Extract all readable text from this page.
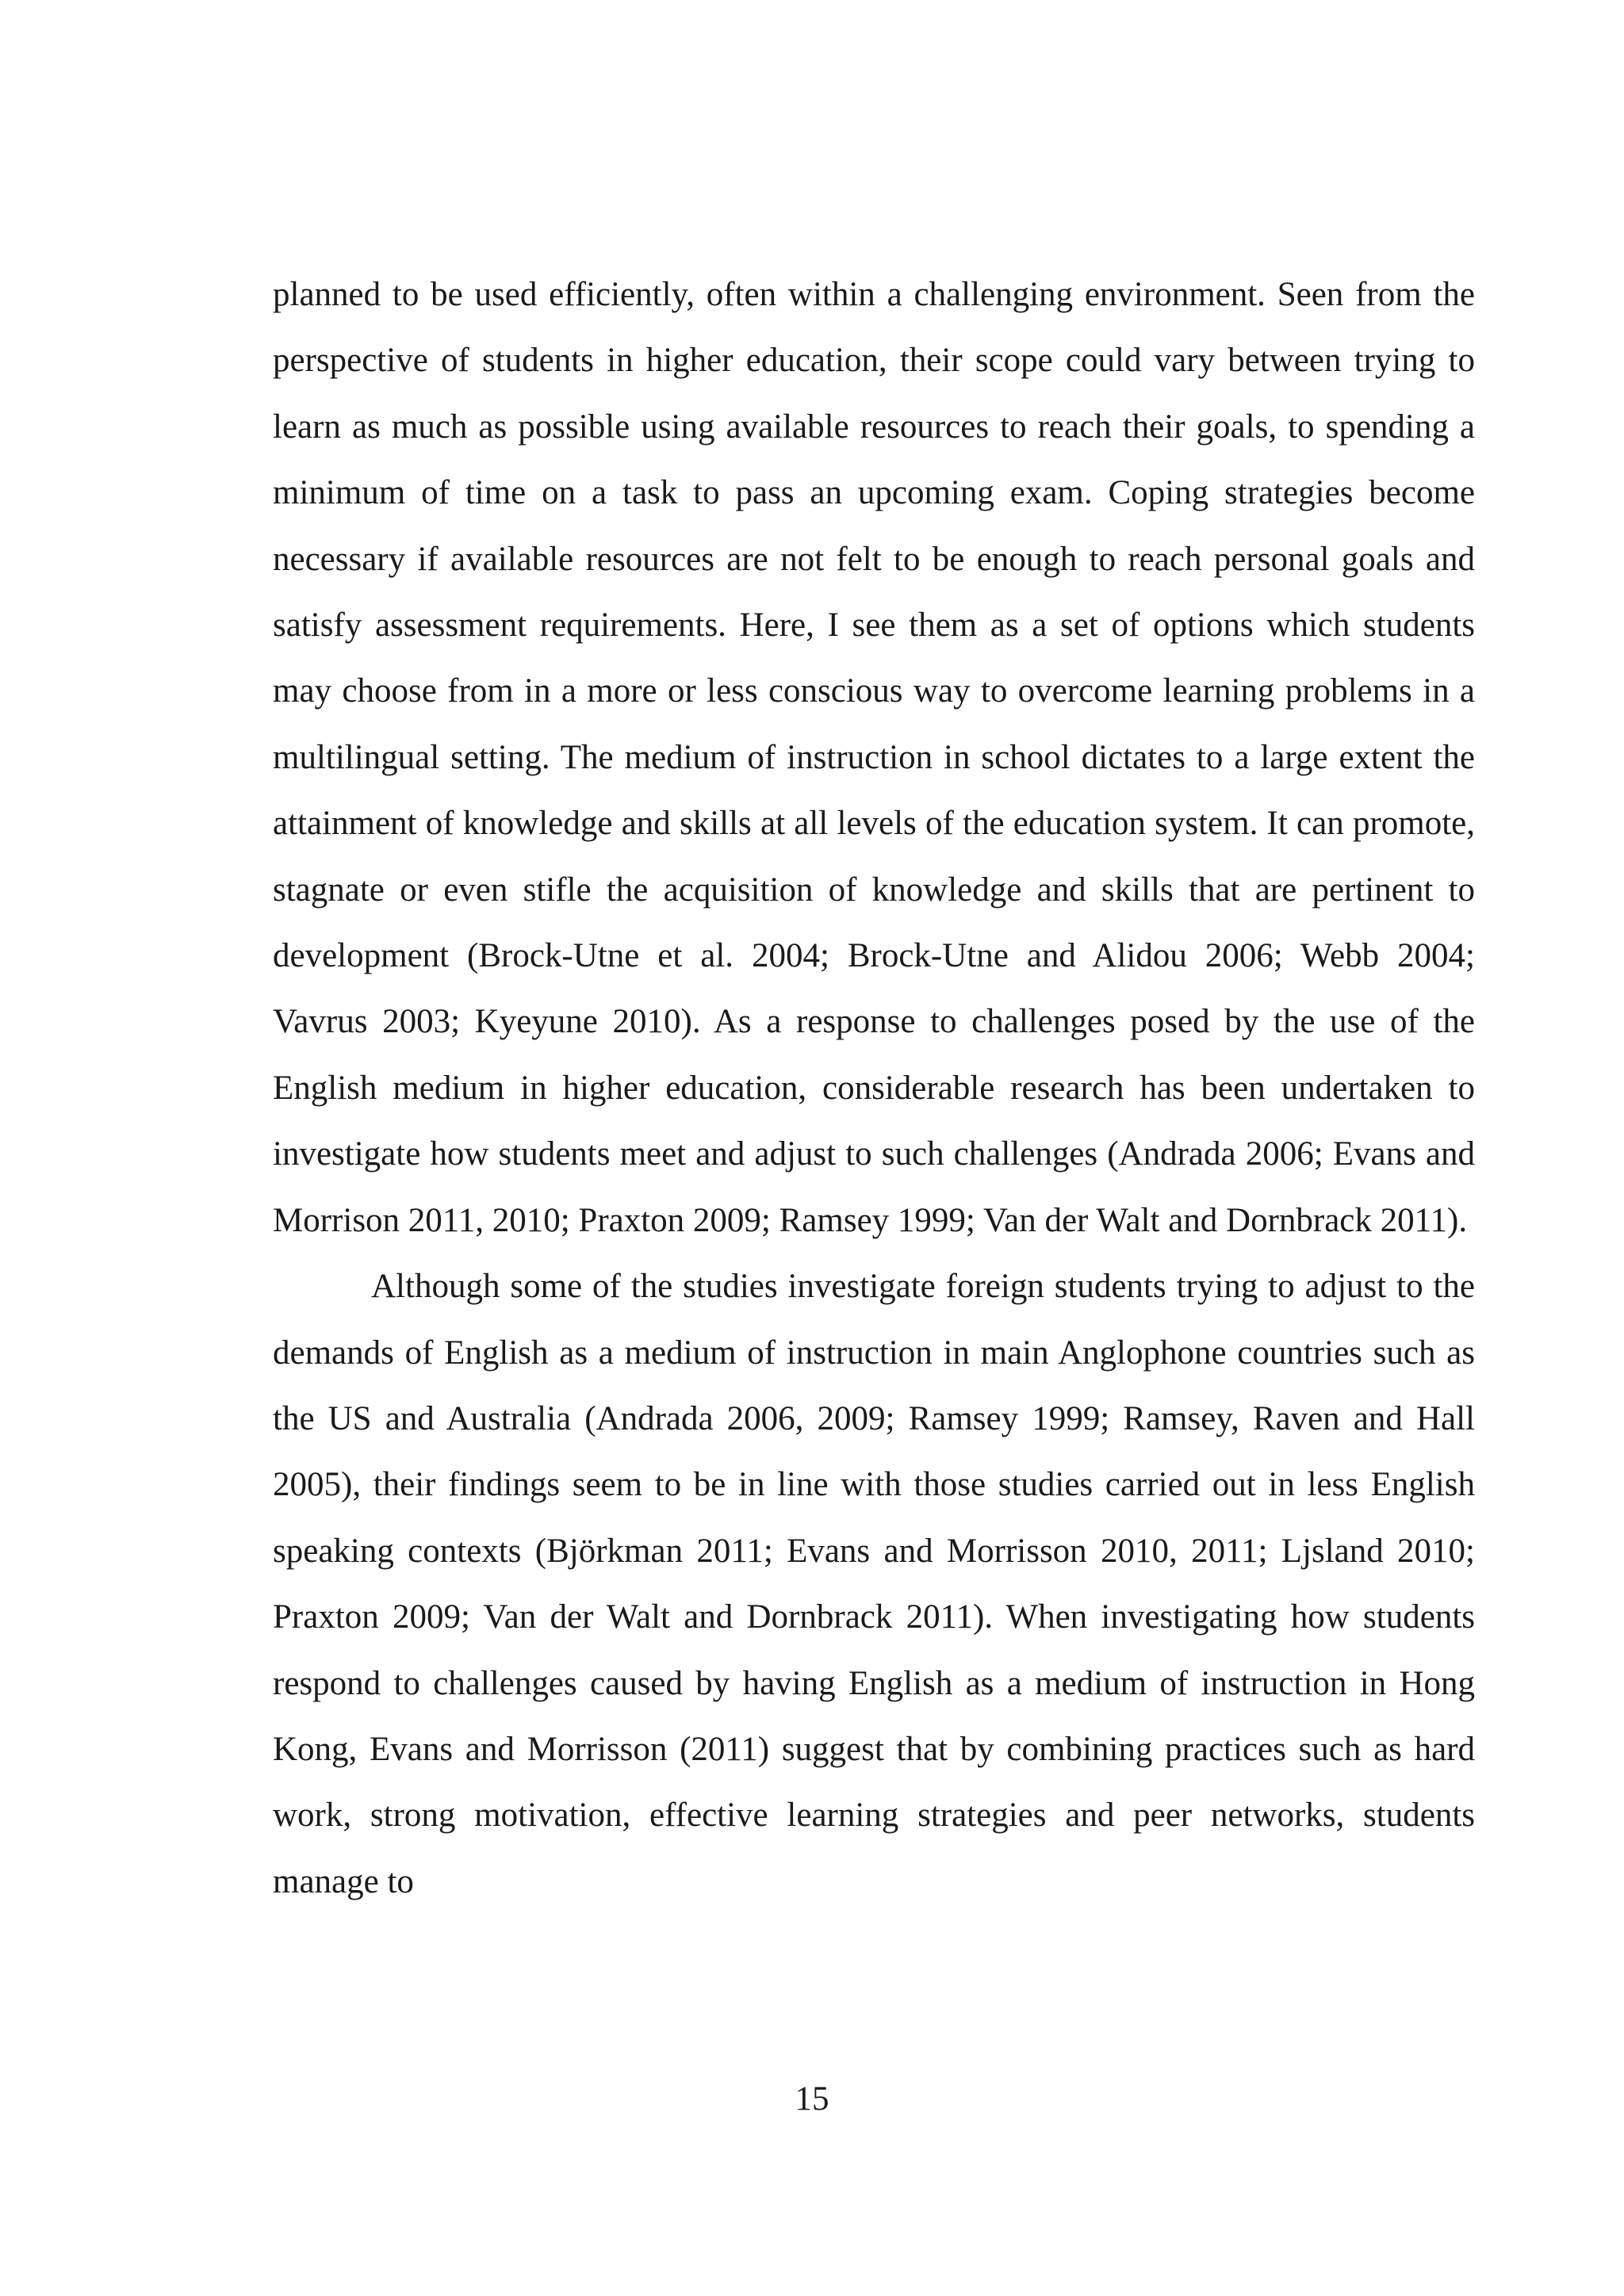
planned to be used efficiently, often within a challenging environment. Seen from the perspective of students in higher education, their scope could vary between trying to learn as much as possible using available resources to reach their goals, to spending a minimum of time on a task to pass an upcoming exam. Coping strategies become necessary if available resources are not felt to be enough to reach personal goals and satisfy assessment requirements. Here, I see them as a set of options which students may choose from in a more or less conscious way to overcome learning problems in a multilingual setting. The medium of instruction in school dictates to a large extent the attainment of knowledge and skills at all levels of the education system. It can promote, stagnate or even stifle the acquisition of knowledge and skills that are pertinent to development (Brock-Utne et al. 2004; Brock-Utne and Alidou 2006; Webb 2004; Vavrus 2003; Kyeyune 2010). As a response to challenges posed by the use of the English medium in higher education, considerable research has been undertaken to investigate how students meet and adjust to such challenges (Andrada 2006; Evans and Morrison 2011, 2010; Praxton 2009; Ramsey 1999; Van der Walt and Dornbrack 2011).

Although some of the studies investigate foreign students trying to adjust to the demands of English as a medium of instruction in main Anglophone countries such as the US and Australia (Andrada 2006, 2009; Ramsey 1999; Ramsey, Raven and Hall 2005), their findings seem to be in line with those studies carried out in less English speaking contexts (Björkman 2011; Evans and Morrisson 2010, 2011; Ljsland 2010; Praxton 2009; Van der Walt and Dornbrack 2011). When investigating how students respond to challenges caused by having English as a medium of instruction in Hong Kong, Evans and Morrisson (2011) suggest that by combining practices such as hard work, strong motivation, effective learning strategies and peer networks, students manage to

15
